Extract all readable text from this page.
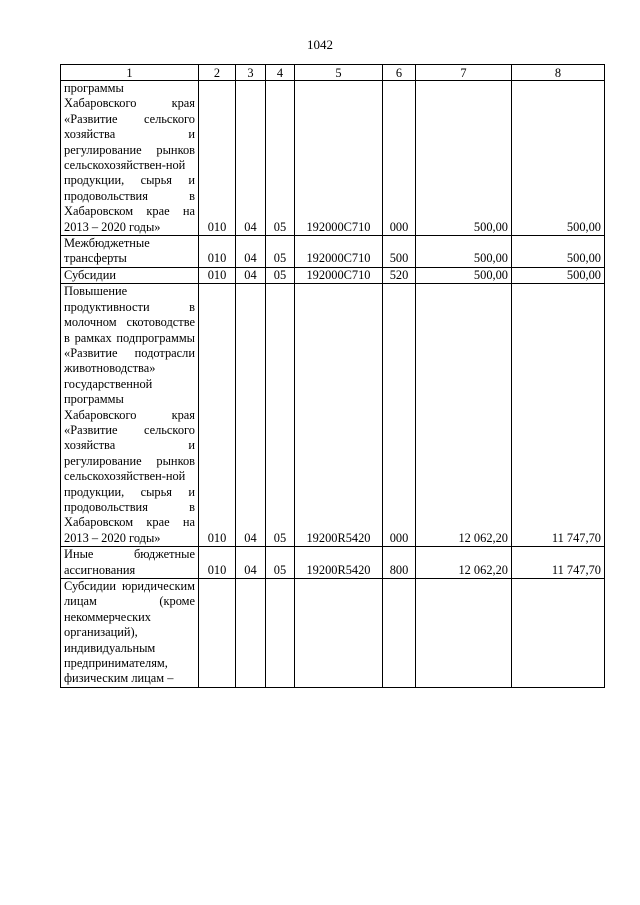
1042
1	2	3	4	5	6	7	8
программы Хабаровского края «Развитие сельского хозяйства и регулирование рынков сельскохозяйствен-ной продукции, сырья и продовольствия в Хабаровском крае на 2013 – 2020 годы»	010	04	05	192000С710	000	500,00	500,00
Межбюджетные трансферты	010	04	05	192000С710	500	500,00	500,00
Субсидии	010	04	05	192000С710	520	500,00	500,00
Повышение продуктивности в молочном скотоводстве в рамках подпрограммы «Развитие подотрасли животноводства» государственной программы Хабаровского края «Развитие сельского хозяйства и регулирование рынков сельскохозяйствен-ной продукции, сырья и продовольствия в Хабаровском крае на 2013 – 2020 годы»	010	04	05	19200R5420	000	12 062,20	11 747,70
Иные бюджетные ассигнования	010	04	05	19200R5420	800	12 062,20	11 747,70
Субсидии юридическим лицам (кроме некоммерческих организаций), индивидуальным предпринимателям, физическим лицам –							
